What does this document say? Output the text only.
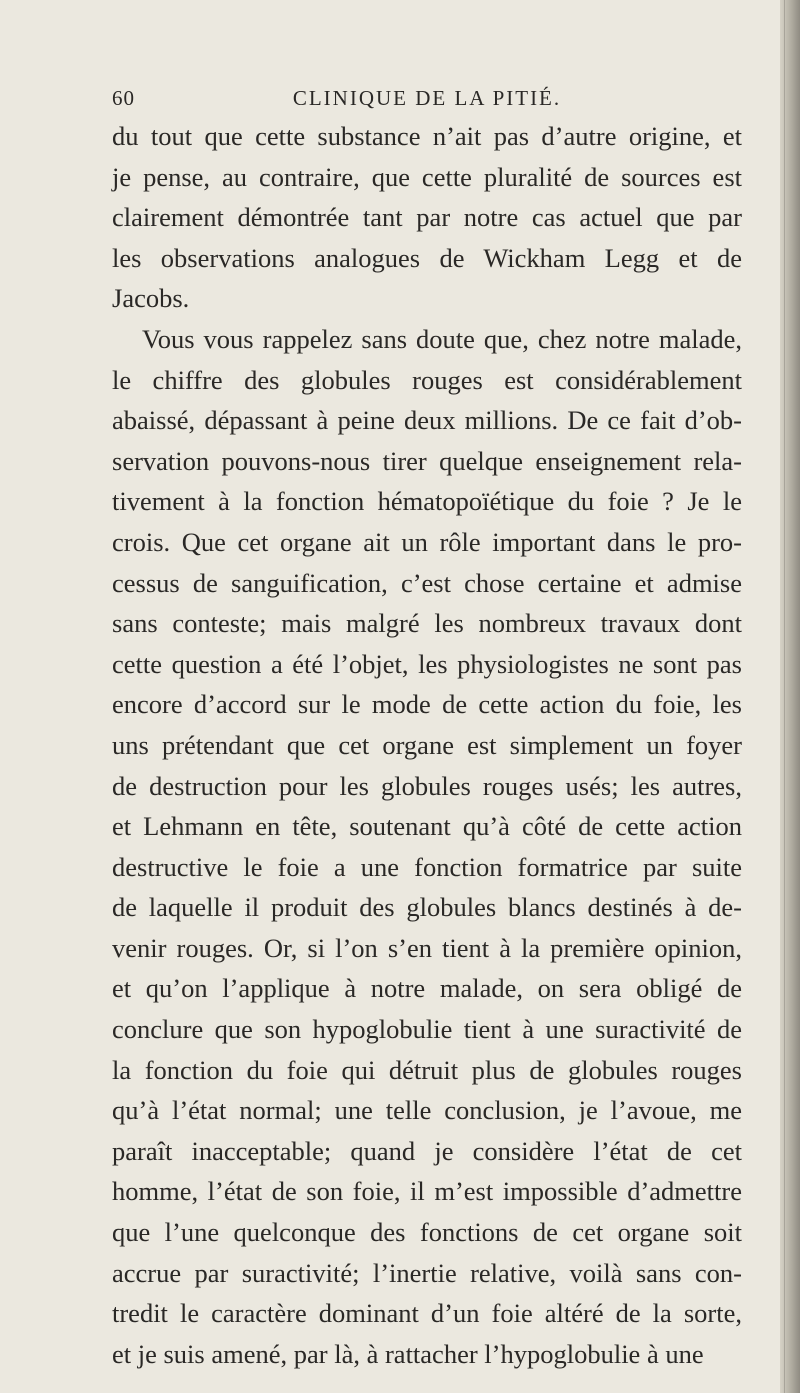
60	CLINIQUE DE LA PITIÉ.
du tout que cette substance n’ait pas d’autre origine, et
je pense, au contraire, que cette pluralité de sources est
clairement démontrée tant par notre cas actuel que par
les observations analogues de Wickham Legg et de
Jacobs.
Vous vous rappelez sans doute que, chez notre malade,
le chiffre des globules rouges est considérablement
abaissé, dépassant à peine deux millions. De ce fait d’ob-
servation pouvons-nous tirer quelque enseignement rela-
tivement à la fonction hématopoïétique du foie ? Je le
crois. Que cet organe ait un rôle important dans le pro-
cessus de sanguification, c’est chose certaine et admise
sans conteste; mais malgré les nombreux travaux dont
cette question a été l’objet, les physiologistes ne sont pas
encore d’accord sur le mode de cette action du foie, les
uns prétendant que cet organe est simplement un foyer
de destruction pour les globules rouges usés; les autres,
et Lehmann en tête, soutenant qu’à côté de cette action
destructive le foie a une fonction formatrice par suite
de laquelle il produit des globules blancs destinés à de-
venir rouges. Or, si l’on s’en tient à la première opinion,
et qu’on l’applique à notre malade, on sera obligé de
conclure que son hypoglobulie tient à une suractivité de
la fonction du foie qui détruit plus de globules rouges
qu’à l’état normal; une telle conclusion, je l’avoue, me
paraît inacceptable; quand je considère l’état de cet
homme, l’état de son foie, il m’est impossible d’admettre
que l’une quelconque des fonctions de cet organe soit
accrue par suractivité; l’inertie relative, voilà sans con-
tredit le caractère dominant d’un foie altéré de la sorte,
et je suis amené, par là, à rattacher l’hypoglobulie à une
